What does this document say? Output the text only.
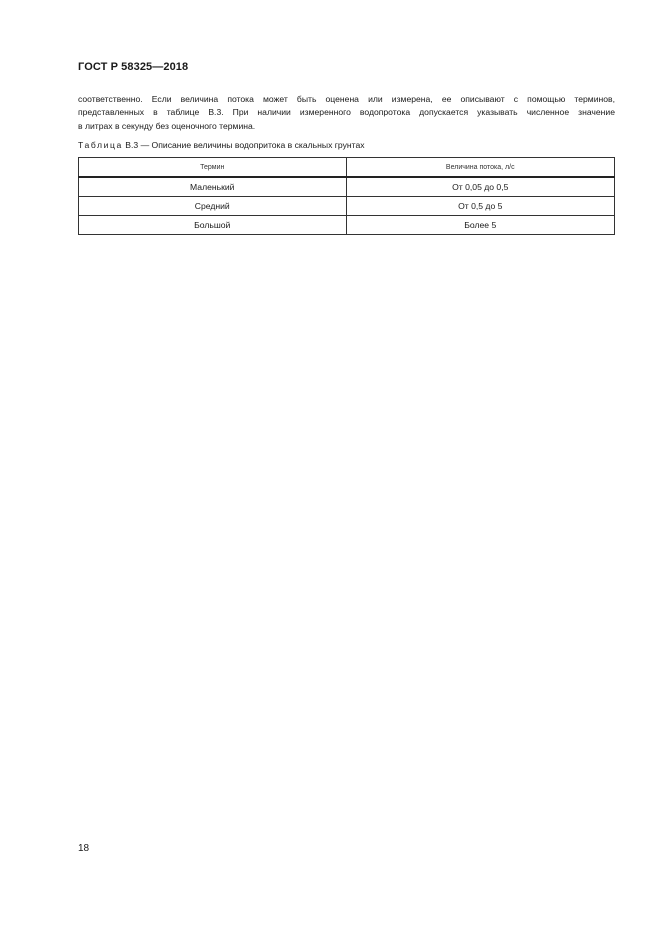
ГОСТ Р 58325—2018
соответственно. Если величина потока может быть оценена или измерена, ее описывают с помощью терминов,
представленных в таблице В.3. При наличии измеренного водопротока допускается указывать численное значение
в литрах в секунду без оценочного термина.
Таблица В.3 — Описание величины водопритока в скальных грунтах
Термин	Величина потока, л/с
Маленький	От 0,05 до 0,5
Средний	От 0,5 до 5
Большой	Более 5
18
